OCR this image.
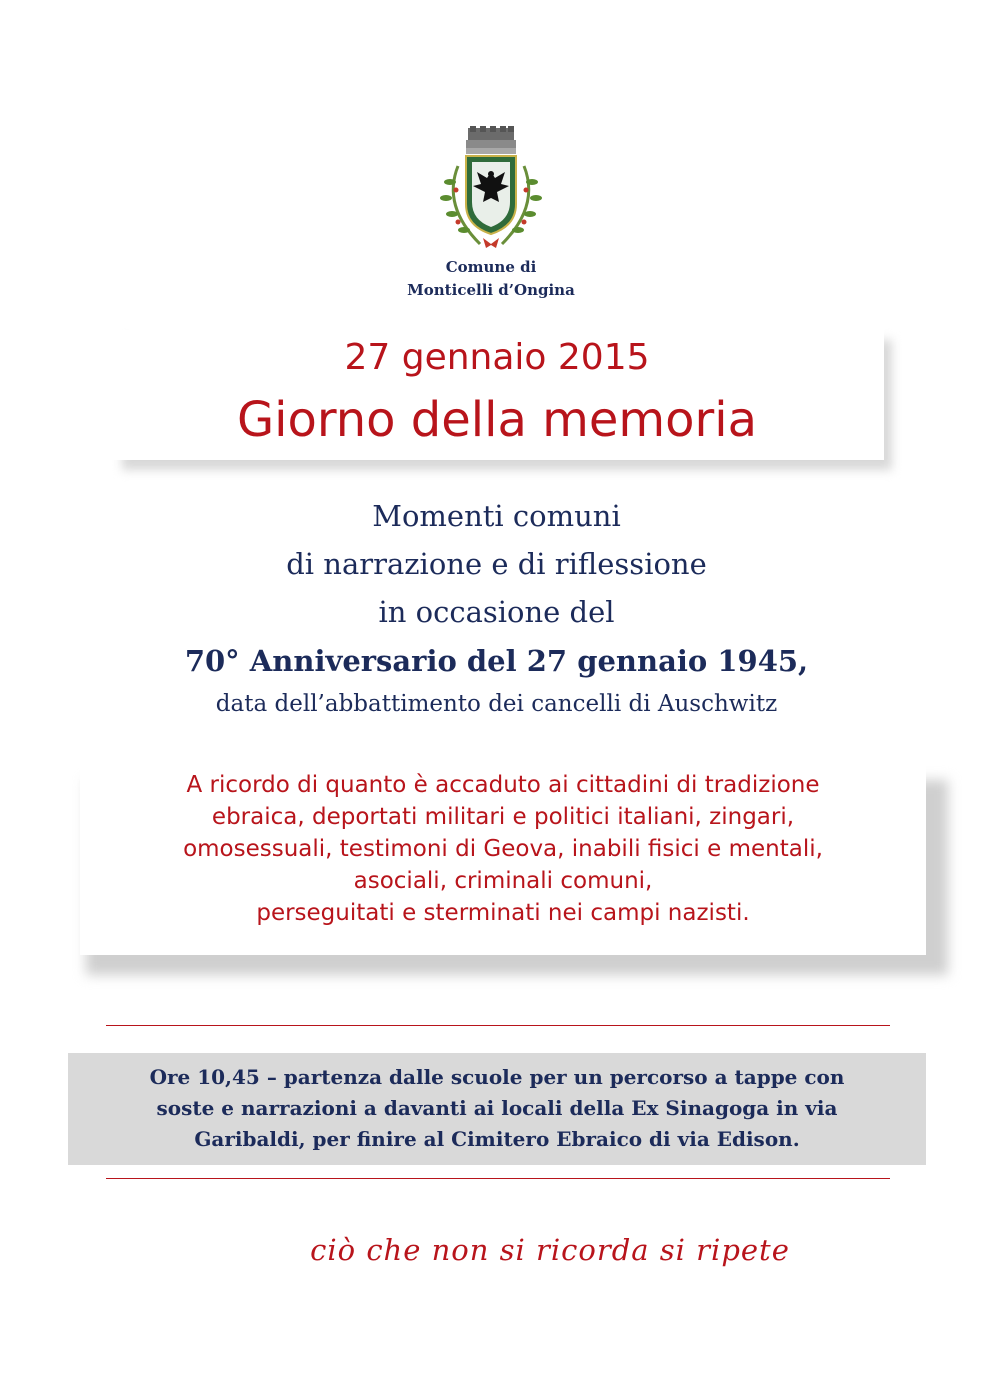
Comune di
Monticelli d’Ongina
27 gennaio 2015
Giorno della memoria
Momenti comuni
di narrazione e di riflessione
in occasione del
70° Anniversario del 27 gennaio 1945,
data dell’abbattimento dei cancelli di Auschwitz
A ricordo di quanto è accaduto ai cittadini di tradizione
ebraica, deportati militari e politici italiani, zingari,
omosessuali, testimoni di Geova, inabili fisici e mentali,
asociali, criminali comuni,
perseguitati e sterminati nei campi nazisti.
Ore 10,45 – partenza dalle scuole per un percorso a tappe con
soste e narrazioni a davanti ai locali della Ex Sinagoga in via
Garibaldi, per finire al Cimitero Ebraico di via Edison.
ciò che non si ricorda si ripete
